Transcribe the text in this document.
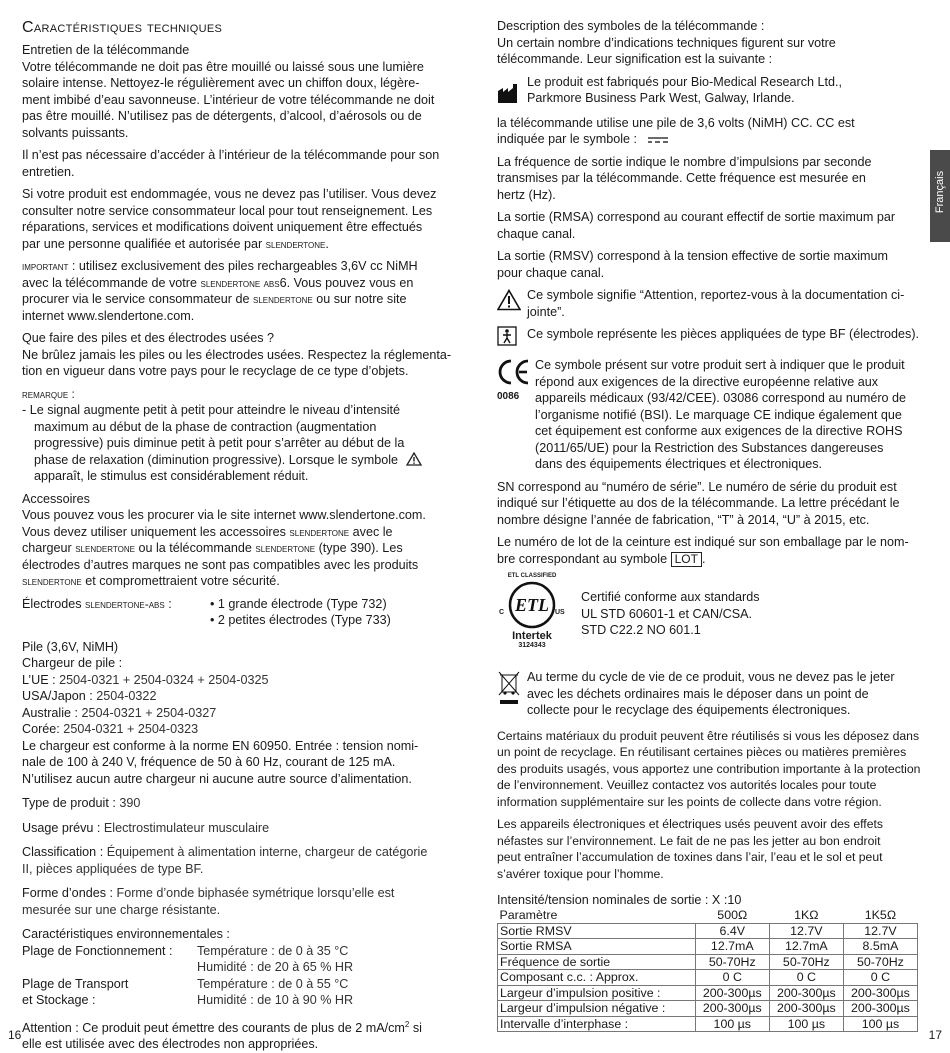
Caractéristiques techniques
Entretien de la télécommande

Votre télécommande ne doit pas être mouillé ou laissé sous une lumière

solaire intense. Nettoyez-le régulièrement avec un chiffon doux, légère-

ment imbibé d’eau savonneuse. L’intérieur de votre télécommande ne doit

pas être mouillé. N’utilisez pas de détergents, d’alcool, d’aérosols ou de

solvants puissants.

Il n’est pas nécessaire d’accéder à l’intérieur de la télécommande pour son

entretien.

Si votre produit est endommagée, vous ne devez pas l’utiliser. Vous devez

consulter notre service consommateur local pour tout renseignement. Les

réparations, services et modifications doivent uniquement être effectués

par une personne qualifiée et autorisée par slendertone.

important : utilisez exclusivement des piles rechargeables 3,6V cc NiMH

avec la télécommande de votre slendertone abs6. Vous pouvez vous en

procurer via le service consommateur de slendertone ou sur notre site

internet www.slendertone.com.

Que faire des piles et des électrodes usées ?

Ne brûlez jamais les piles ou les électrodes usées. Respectez la réglementa-

tion en vigueur dans votre pays pour le recyclage de ce type d’objets.

remarque :

- Le signal augmente petit à petit pour atteindre le niveau d’intensité

maximum au début de la phase de contraction (augmentation

progressive) puis diminue petit à petit pour s’arrêter au début de la

phase de relaxation (diminution progressive). Lorsque le symbole

apparaît, le stimulus est considérablement réduit.

Accessoires

Vous pouvez vous les procurer via le site internet www.slendertone.com.

Vous devez utiliser uniquement les accessoires slendertone avec le

chargeur slendertone ou la télécommande slendertone (type 390). Les

électrodes d’autres marques ne sont pas compatibles avec les produits

slendertone et compromettraient votre sécurité.

Électrodes slendertone-abs :	• 1 grande électrode (Type 732)
• 2 petites électrodes (Type 733)

Pile (3,6V, NiMH)

Chargeur de pile :

L’UE : 2504-0321 + 2504-0324 + 2504-0325

USA/Japon : 2504-0322

Australie : 2504-0321 + 2504-0327

Corée: 2504-0321 + 2504-0323

Le chargeur est conforme à la norme EN 60950. Entrée : tension nomi-

nale de 100 à 240 V, fréquence de 50 à 60 Hz, courant de 125 mA.

N’utilisez aucun autre chargeur ni aucune autre source d’alimentation.

Type de produit : 390

Usage prévu : Electrostimulateur musculaire

Classification : Équipement à alimentation interne, chargeur de catégorie

II, pièces appliquées de type BF.

Forme d’ondes : Forme d’onde biphasée symétrique lorsqu’elle est

mesurée sur une charge résistante.

Caractéristiques environnementales :

Plage de Fonctionnement :	Température : de 0 à 35 °C
Humidité : de 20 à 65 % HR
Plage de Transport	Température : de 0 à 55 °C
et Stockage :	Humidité : de 10 à 90 % HR

Attention : Ce produit peut émettre des courants de plus de 2 $mA/cm^2$ si

elle est utilisée avec des électrodes non appropriées.

Description des symboles de la télécommande :

Un certain nombre d’indications techniques figurent sur votre

télécommande. Leur signification est la suivante :

Le produit est fabriqués pour Bio-Medical Research Ltd.,

Parkmore Business Park West, Galway, Irlande.

la télécommande utilise une pile de 3,6 volts (NiMH) CC. CC est

indiquée par le symbole :

La fréquence de sortie indique le nombre d’impulsions par seconde

transmises par la télécommande. Cette fréquence est mesurée en

hertz (Hz).

La sortie (RMSA) correspond au courant effectif de sortie maximum par

chaque canal.

La sortie (RMSV) correspond à la tension effective de sortie maximum

pour chaque canal.

Ce symbole signifie “Attention, reportez-vous à la documentation ci-

jointe”.

Ce symbole représente les pièces appliquées de type BF (électrodes).

0086

Ce symbole présent sur votre produit sert à indiquer que le produit

répond aux exigences de la directive européenne relative aux

appareils médicaux (93/42/CEE). 03086 correspond au numéro de

l’organisme notifié (BSI). Le marquage CE indique également que

cet équipement est conforme aux exigences de la directive ROHS

(2011/65/UE) pour la Restriction des Substances dangereuses

dans des équipements électriques et électroniques.

SN correspond au “numéro de série”. Le numéro de série du produit est

indiqué sur l’étiquette au dos de la télécommande. La lettre précédant le

nombre désigne l’année de fabrication, “T” à 2014, “U” à 2015, etc.

Le numéro de lot de la ceinture est indiqué sur son emballage par le nom-

bre correspondant au symbole LOT .

ETL CLASSIFIED
ETL
C	US
Intertek
3124343

Certifié conforme aux standards

UL STD 60601-1 et CAN/CSA.

STD C22.2 NO 601.1

Au terme du cycle de vie de ce produit, vous ne devez pas le jeter

avec les déchets ordinaires mais le déposer dans un point de

collecte pour le recyclage des équipements électroniques.

Certains matériaux du produit peuvent être réutilisés si vous les déposez dans
un point de recyclage. En réutilisant certaines pièces ou matières premières
des produits usagés, vous apportez une contribution importante à la protection
de l’environnement. Veuillez contactez vos autorités locales pour toute
information supplémentaire sur les points de collecte dans votre région.
Les appareils électroniques et électriques usés peuvent avoir des effets
néfastes sur l’environnement. Le fait de ne pas les jetter au bon endroit
peut entraîner l’accumulation de toxines dans l’air, l’eau et le sol et peut
s’avérer toxique pour l’homme.
Intensité/tension nominales de sortie : X :10
Paramètre	500Ω	1KΩ	1K5Ω
Sortie RMSV	6.4V	12.7V	12.7V
Sortie RMSA	12.7mA	12.7mA	8.5mA
Fréquence de sortie	50-70Hz	50-70Hz	50-70Hz
Composant c.c. : Approx.	0 C	0 C	0 C
Largeur d’impulsion positive :	200-300µs	200-300µs	200-300µs
Largeur d’impulsion négative :	200-300µs	200-300µs	200-300µs
Intervalle d’interphase :	100 µs	100 µs	100 µs
Français
16	17
